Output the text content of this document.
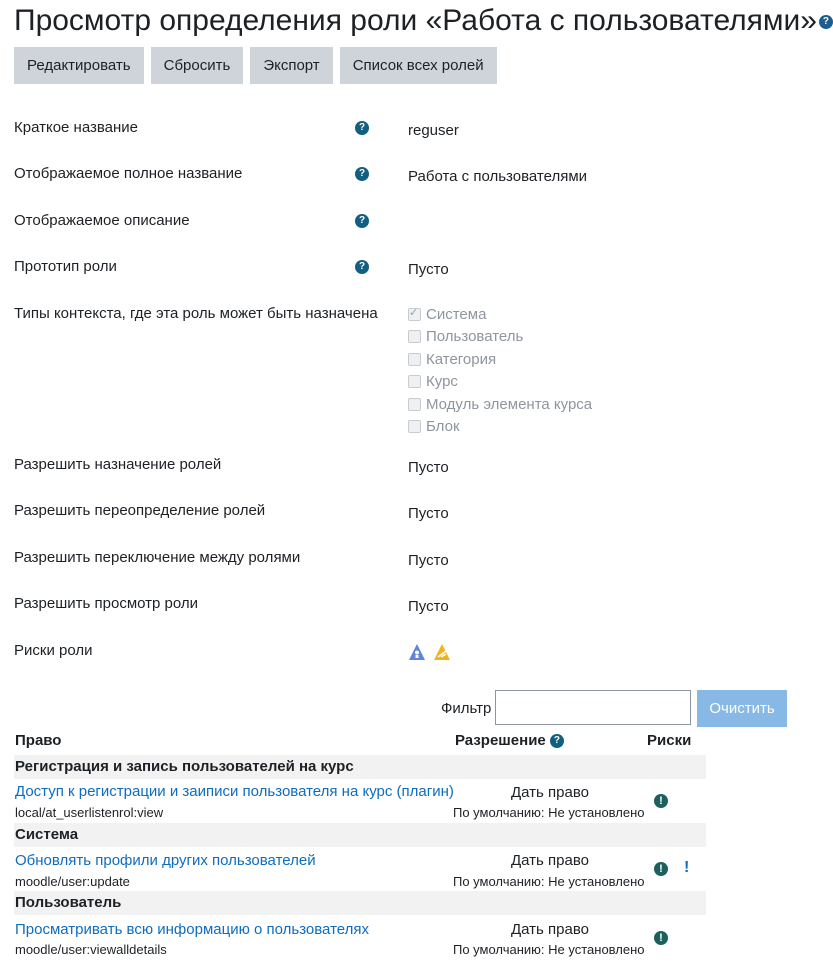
Просмотр определения роли «Работа с пользователями» ?
Редактировать	Сбросить	Экспорт	Список всех ролей
Краткое название	?	reguser
Отображаемое полное название	?	Работа с пользователями
Отображаемое описание	?
Прототип роли	?	Пусто
Типы контекста, где эта роль может быть назначена
✓	Система
Пользователь
Категория
Курс
Модуль элемента курса
Блок
Разрешить назначение ролей	Пусто
Разрешить переопределение ролей	Пусто
Разрешить переключение между ролями	Пусто
Разрешить просмотр роли	Пусто
Риски роли
Фильтр	Очистить
Право	Разрешение ?	Риски
Регистрация и запись пользователей на курс
Доступ к регистрации и заиписи пользователя на курс (плагин)
local/at_userlistenrol:view
Дать право
По умолчанию: Не установлено
!
Система
Обновлять профили других пользователей
moodle/user:update
Дать право
По умолчанию: Не установлено
!	!
Пользователь
Просматривать всю информацию о пользователях
moodle/user:viewalldetails
Дать право
По умолчанию: Не установлено
!
